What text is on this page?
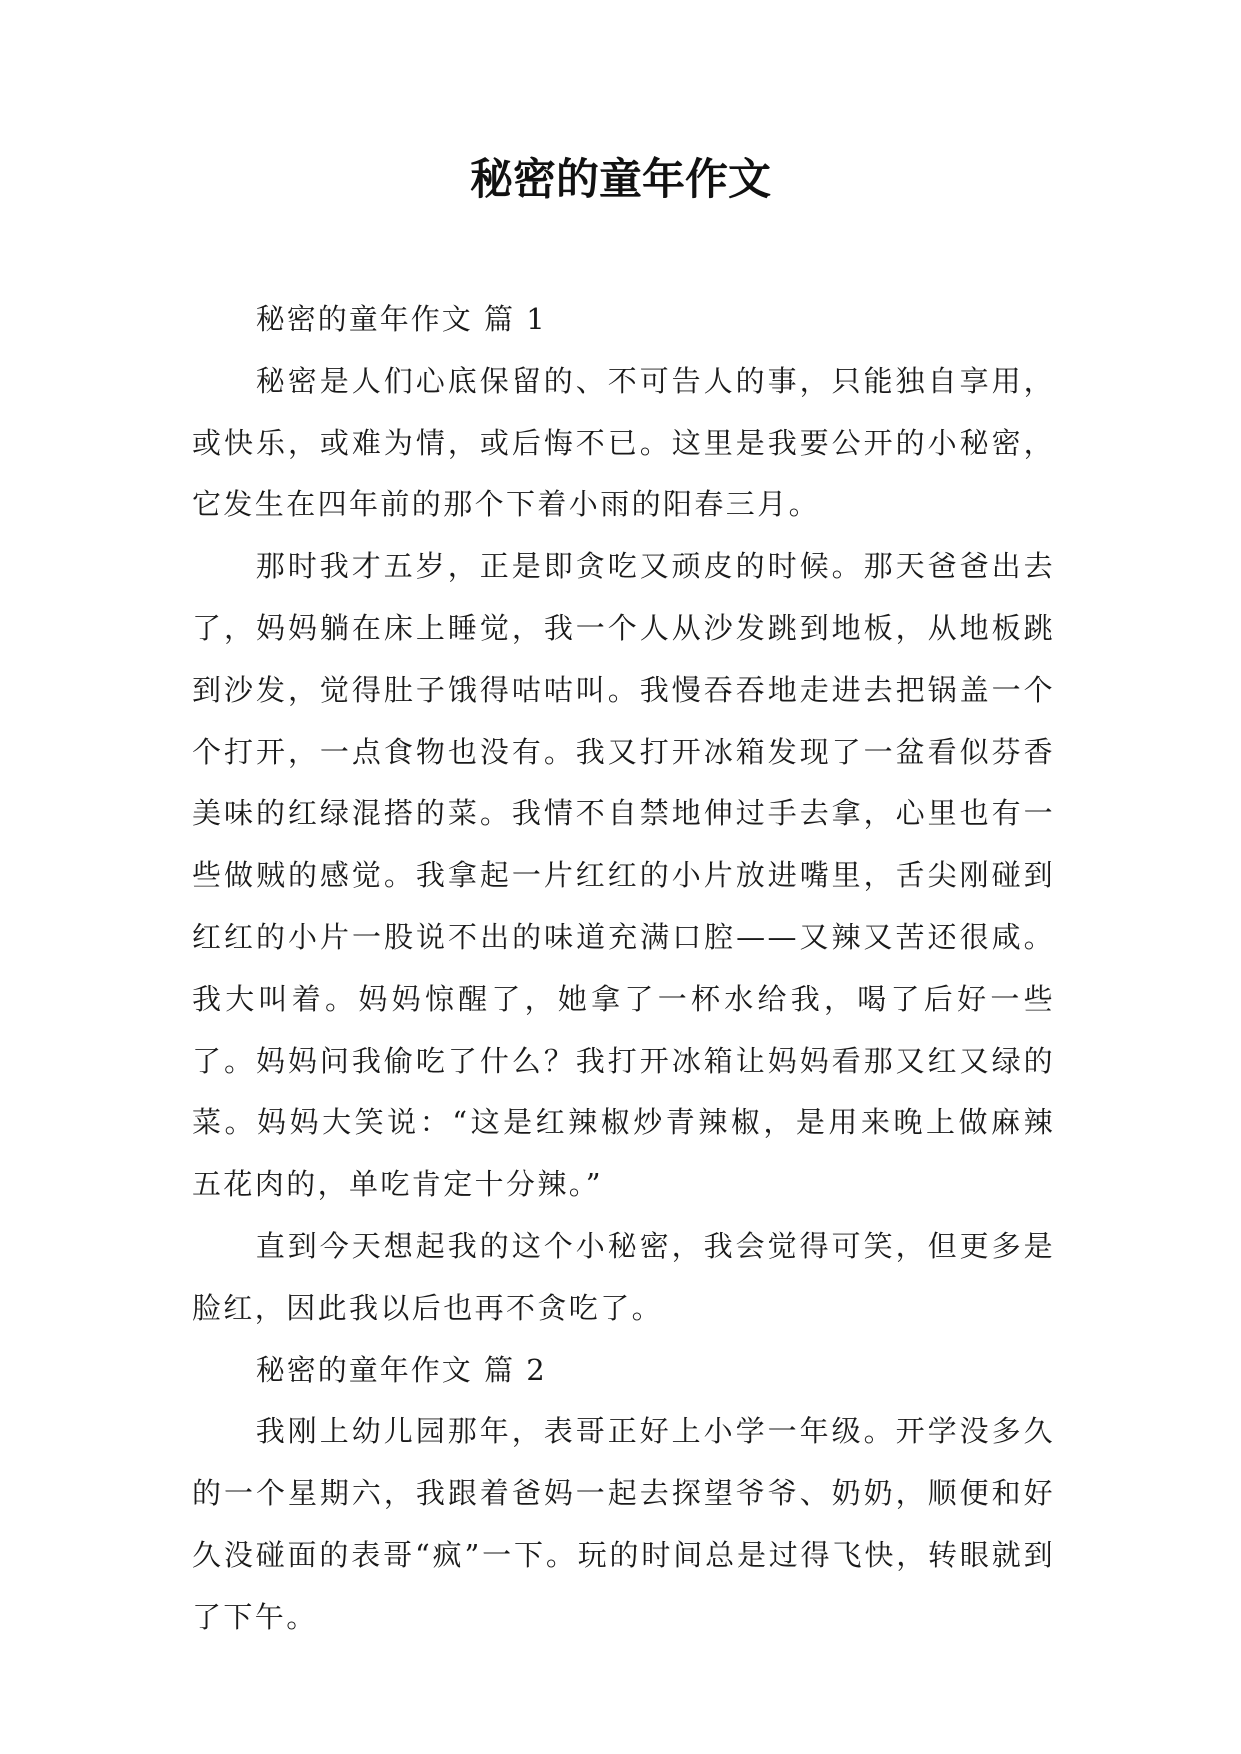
秘密的童年作文

秘密的童年作文 篇 1

秘密是人们心底保留的、不可告人的事，只能独自享用，或快乐，或难为情，或后悔不已。这里是我要公开的小秘密，它发生在四年前的那个下着小雨的阳春三月。

那时我才五岁，正是即贪吃又顽皮的时候。那天爸爸出去了，妈妈躺在床上睡觉，我一个人从沙发跳到地板，从地板跳到沙发，觉得肚子饿得咕咕叫。我慢吞吞地走进去把锅盖一个个打开，一点食物也没有。我又打开冰箱发现了一盆看似芬香美味的红绿混搭的菜。我情不自禁地伸过手去拿，心里也有一些做贼的感觉。我拿起一片红红的小片放进嘴里，舌尖刚碰到红红的小片一股说不出的味道充满口腔——又辣又苦还很咸。我大叫着。妈妈惊醒了，她拿了一杯水给我，喝了后好一些了。妈妈问我偷吃了什么？我打开冰箱让妈妈看那又红又绿的菜。妈妈大笑说：“这是红辣椒炒青辣椒，是用来晚上做麻辣五花肉的，单吃肯定十分辣。”

直到今天想起我的这个小秘密，我会觉得可笑，但更多是脸红，因此我以后也再不贪吃了。

秘密的童年作文 篇 2

我刚上幼儿园那年，表哥正好上小学一年级。开学没多久的一个星期六，我跟着爸妈一起去探望爷爷、奶奶，顺便和好久没碰面的表哥“疯”一下。玩的时间总是过得飞快，转眼就到了下午。
